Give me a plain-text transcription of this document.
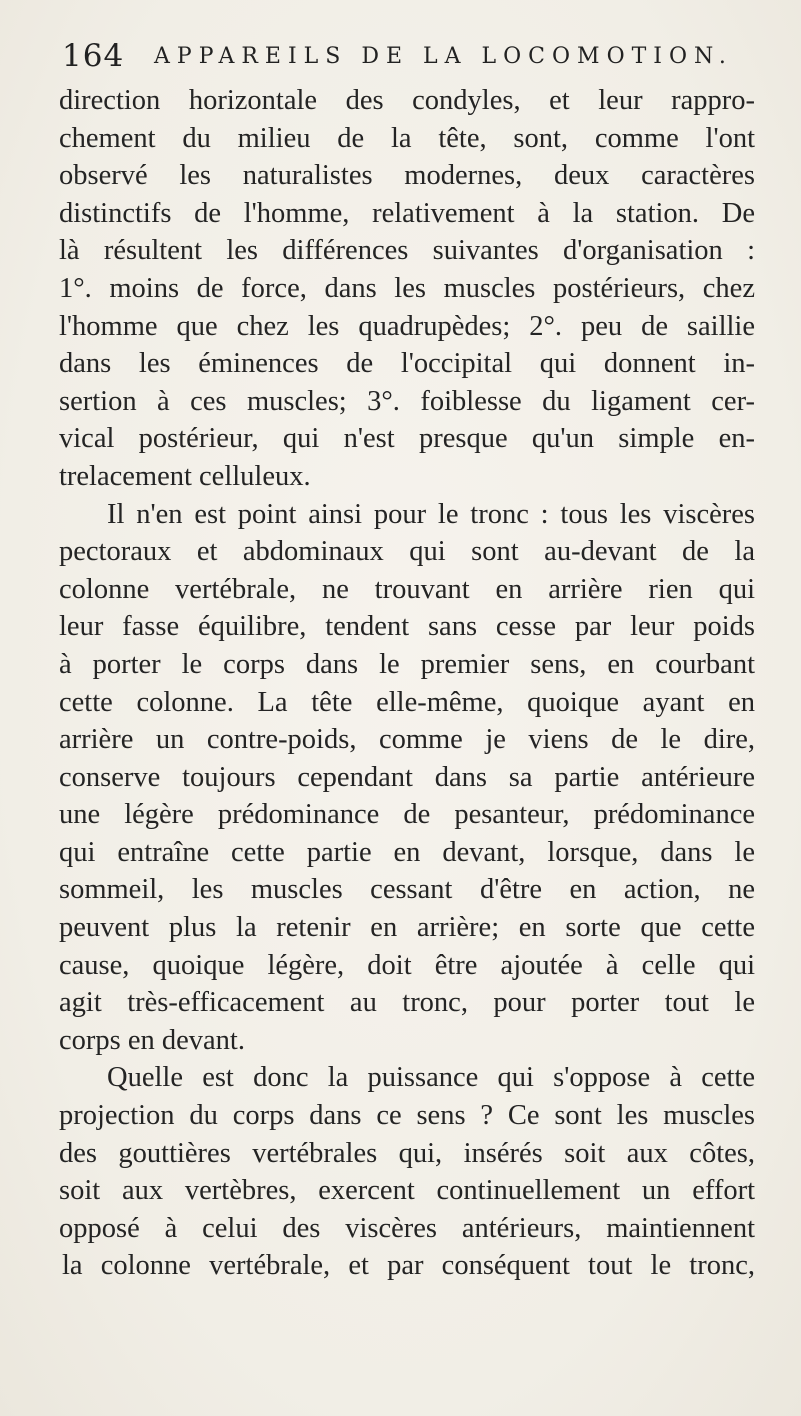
164 APPAREILS DE LA LOCOMOTION.
direction horizontale des condyles, et leur rappro-
chement du milieu de la tête, sont, comme l'ont
observé les naturalistes modernes, deux caractères
distinctifs de l'homme, relativement à la station. De
là résultent les différences suivantes d'organisation :
1°. moins de force, dans les muscles postérieurs, chez
l'homme que chez les quadrupèdes; 2°. peu de saillie
dans les éminences de l'occipital qui donnent in-
sertion à ces muscles; 3°. foiblesse du ligament cer-
vical postérieur, qui n'est presque qu'un simple en-
trelacement celluleux.
Il n'en est point ainsi pour le tronc : tous les viscères
pectoraux et abdominaux qui sont au-devant de la
colonne vertébrale, ne trouvant en arrière rien qui
leur fasse équilibre, tendent sans cesse par leur poids
à porter le corps dans le premier sens, en courbant
cette colonne. La tête elle-même, quoique ayant en
arrière un contre-poids, comme je viens de le dire,
conserve toujours cependant dans sa partie antérieure
une légère prédominance de pesanteur, prédominance
qui entraîne cette partie en devant, lorsque, dans le
sommeil, les muscles cessant d'être en action, ne
peuvent plus la retenir en arrière; en sorte que cette
cause, quoique légère, doit être ajoutée à celle qui
agit très-efficacement au tronc, pour porter tout le
corps en devant.
Quelle est donc la puissance qui s'oppose à cette
projection du corps dans ce sens ? Ce sont les muscles
des gouttières vertébrales qui, insérés soit aux côtes,
soit aux vertèbres, exercent continuellement un effort
opposé à celui des viscères antérieurs, maintiennent
la colonne vertébrale, et par conséquent tout le tronc,
